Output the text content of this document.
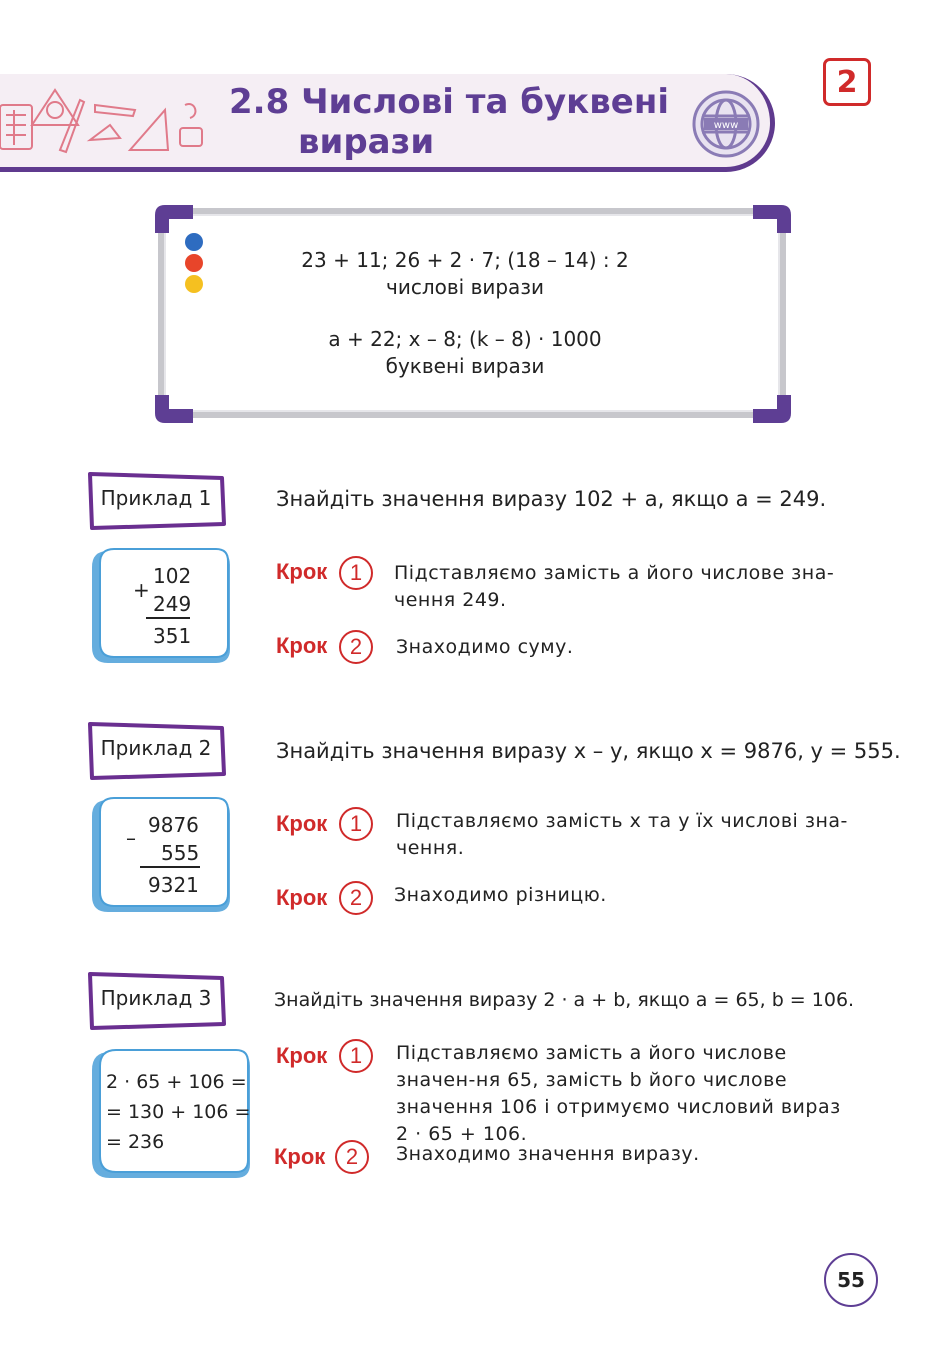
2.8 Числові та буквені
вирази	www
2
23 + 11; 26 + 2 · 7; (18 – 14) : 2
числові вирази
a + 22; x – 8; (k – 8) · 1000
буквені вирази
Приклад 1	Знайдіть значення виразу 102 + a, якщо a = 249.
+
102
249
351
Крок	1	Підставляємо замість a його числове зна-чення 249.
Крок	2	Знаходимо суму.
Приклад 2	Знайдіть значення виразу x – y, якщо x = 9876, y = 555.
–
9876
555
9321
Крок	1	Підставляємо замість x та y їх числові зна-чення.
Крок	2	Знаходимо різницю.
Приклад 3	Знайдіть значення виразу 2 · a + b, якщо a = 65, b = 106.
2 · 65 + 106 =
= 130 + 106 =
= 236
Крок	1	Підставляємо замість a його числове значен-ня 65, замість b його числове значення 106 і отримуємо числовий вираз 2 · 65 + 106.
Крок 2	Знаходимо значення виразу.
55
